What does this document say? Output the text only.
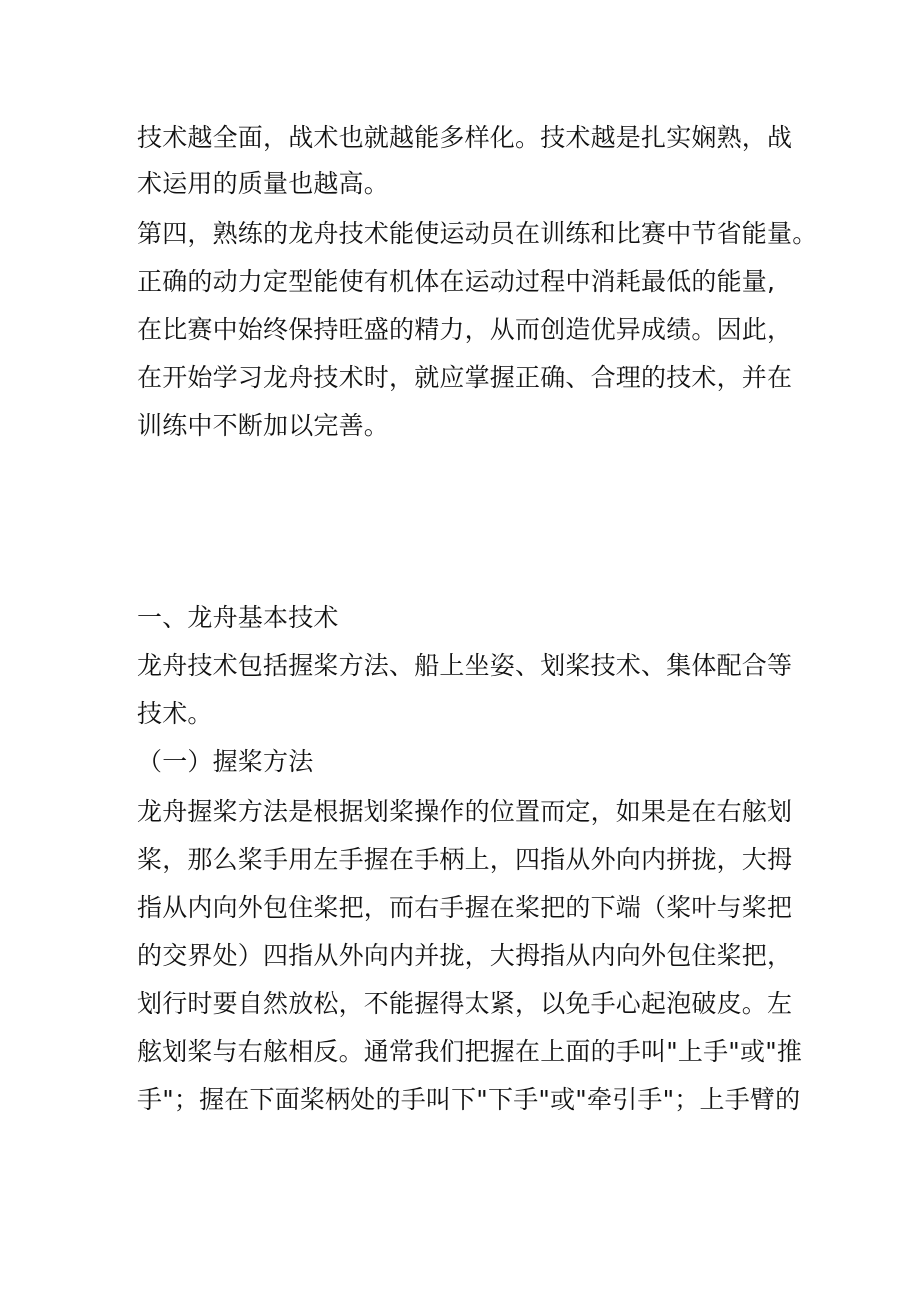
技术越全面，战术也就越能多样化。技术越是扎实娴熟，战
术运用的质量也越高。
第四，熟练的龙舟技术能使运动员在训练和比赛中节省能量。
正确的动力定型能使有机体在运动过程中消耗最低的能量,
在比赛中始终保持旺盛的精力，从而创造优异成绩。因此，
在开始学习龙舟技术时，就应掌握正确、合理的技术，并在
训练中不断加以完善。
一、龙舟基本技术
龙舟技术包括握桨方法、船上坐姿、划桨技术、集体配合等
技术。
（一）握桨方法
龙舟握桨方法是根据划桨操作的位置而定，如果是在右舷划
桨，那么桨手用左手握在手柄上，四指从外向内拼拢，大拇
指从内向外包住桨把，而右手握在桨把的下端（桨叶与桨把
的交界处）四指从外向内并拢，大拇指从内向外包住桨把，
划行时要自然放松，不能握得太紧，以免手心起泡破皮。左
舷划桨与右舷相反。通常我们把握在上面的手叫"上手"或"推
手"；握在下面桨柄处的手叫下"下手"或"牵引手"；上手臂的
